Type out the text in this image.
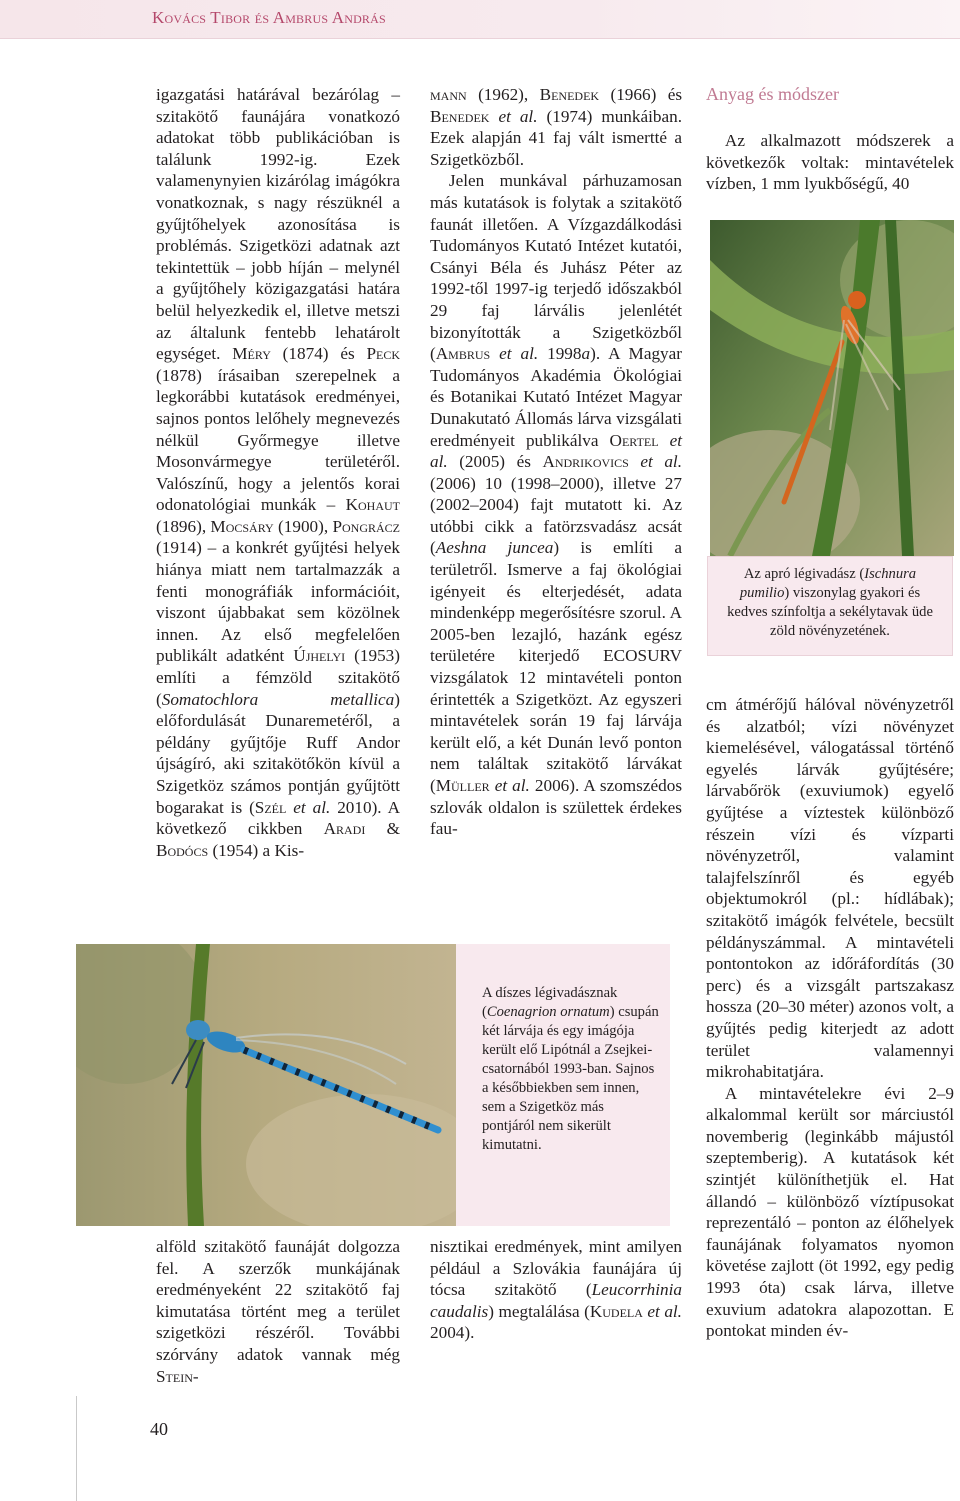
Kovács Tibor és Ambrus András

igazgatási határával bezárólag – szitakötő faunájára vonatkozó adatokat több publikációban is találunk 1992-ig. Ezek valamenynyien kizárólag imágókra vonatkoznak, s nagy részüknél a gyűjtőhelyek azonosítása is problémás. Szigetközi adatnak azt tekintettük – jobb híján – melynél a gyűjtőhely közigazgatási határa belül helyezkedik el, illetve metszi az általunk fentebb lehatárolt egységet. Méry (1874) és Peck (1878) írásaiban szerepelnek a legkorábbi kutatások eredményei, sajnos pontos lelőhely megnevezés nélkül Győrmegye illetve Mosonvármegye területéről. Valószínű, hogy a jelentős korai odonatológiai munkák – Kohaut (1896), Mocsáry (1900), Pongrácz (1914) – a konkrét gyűjtési helyek hiánya miatt nem tartalmazzák a fenti monográfiák információit, viszont újabbakat sem közölnek innen. Az első megfelelően publikált adatként Újhelyi (1953) említi a fémzöld szitakötő (Somatochlora metallica) előfordulását Dunaremetéről, a példány gyűjtője Ruff Andor újságíró, aki szitakötőkön kívül a Szigetköz számos pontján gyűjtött bogarakat is (Szél et al. 2010). A következő cikkben Aradi & Bodócs (1954) a Kis-

alföld szitakötő faunáját dolgozza fel. A szerzők munkájának eredményeként 22 szitakötő faj kimutatása történt meg a terület szigetközi részéről. További szórvány adatok vannak még Stein-

mann (1962), Benedek (1966) és Benedek et al. (1974) munkáiban. Ezek alapján 41 faj vált ismertté a Szigetközből.

Jelen munkával párhuzamosan más kutatások is folytak a szitakötő faunát illetően. A Vízgazdálkodási Tudományos Kutató Intézet kutatói, Csányi Béla és Juhász Péter az 1992-től 1997-ig terjedő időszakból 29 faj lárvális jelenlétét bizonyították a Szigetközből (Ambrus et al. 1998a). A Magyar Tudományos Akadémia Ökológiai és Botanikai Kutató Intézet Magyar Dunakutató Állomás lárva vizsgálati eredményeit publikálva Oertel et al. (2005) és Andrikovics et al. (2006) 10 (1998–2000), illetve 27 (2002–2004) fajt mutatott ki. Az utóbbi cikk a fatörzsvadász acsát (Aeshna juncea) is említi a területről. Ismerve a faj ökológiai igényeit és elterjedését, adata mindenképp megerősítésre szorul. A 2005-ben lezajló, hazánk egész területére kiterjedő ECOSURV vizsgálatok 12 mintavételi ponton érintették a Szigetközt. Az egyszeri mintavételek során 19 faj lárvája került elő, a két Dunán levő ponton nem találtak szitakötő lárvákat (Müller et al. 2006). A szomszédos szlovák oldalon is születtek érdekes fau-

nisztikai eredmények, mint amilyen például a Szlovákia faunájára új tócsa szitakötő (Leucorrhinia caudalis) megtalálása (Kudela et al. 2004).

Anyag és módszer

Az alkalmazott módszerek a következők voltak: mintavételek vízben, 1 mm lyukbőségű, 40

cm átmérőjű hálóval növényzetről és alzatból; vízi növényzet kiemelésével, válogatással történő egyelés lárvák gyűjtésére; lárvabőrök (exuviumok) egyelő gyűjtése a víztestek különböző részein vízi és vízparti növényzetről, valamint talajfelszínről és egyéb objektumokról (pl.: hídlábak); szitakötő imágók felvétele, becsült példányszámmal. A mintavételi pontontokon az időráfordítás (30 perc) és a vizsgált partszakasz hossza (20–30 méter) azonos volt, a gyűjtés pedig kiterjedt az adott terület valamennyi mikrohabitatjára.

A mintavételekre évi 2–9 alkalommal került sor márciustól novemberig (leginkább májustól szeptemberig). A kutatások két szintjét különíthetjük el. Hat állandó – különböző víztípusokat reprezentáló – ponton az élőhelyek faunájának folyamatos nyomon követése zajlott (öt 1992, egy pedig 1993 óta) csak lárva, illetve exuvium adatokra alapozottan. E pontokat minden év-

Az apró légivadász (Ischnura pumilio) viszonylag gyakori és kedves színfoltja a sekélytavak üde zöld növényzetének.
A díszes légivadásznak (Coenagrion ornatum) csupán két lárvája és egy imágója került elő Lipótnál a Zsejkei-csatornából 1993-ban. Sajnos a későbbiekben sem innen, sem a Szigetköz más pontjáról nem sikerült kimutatni.
40
